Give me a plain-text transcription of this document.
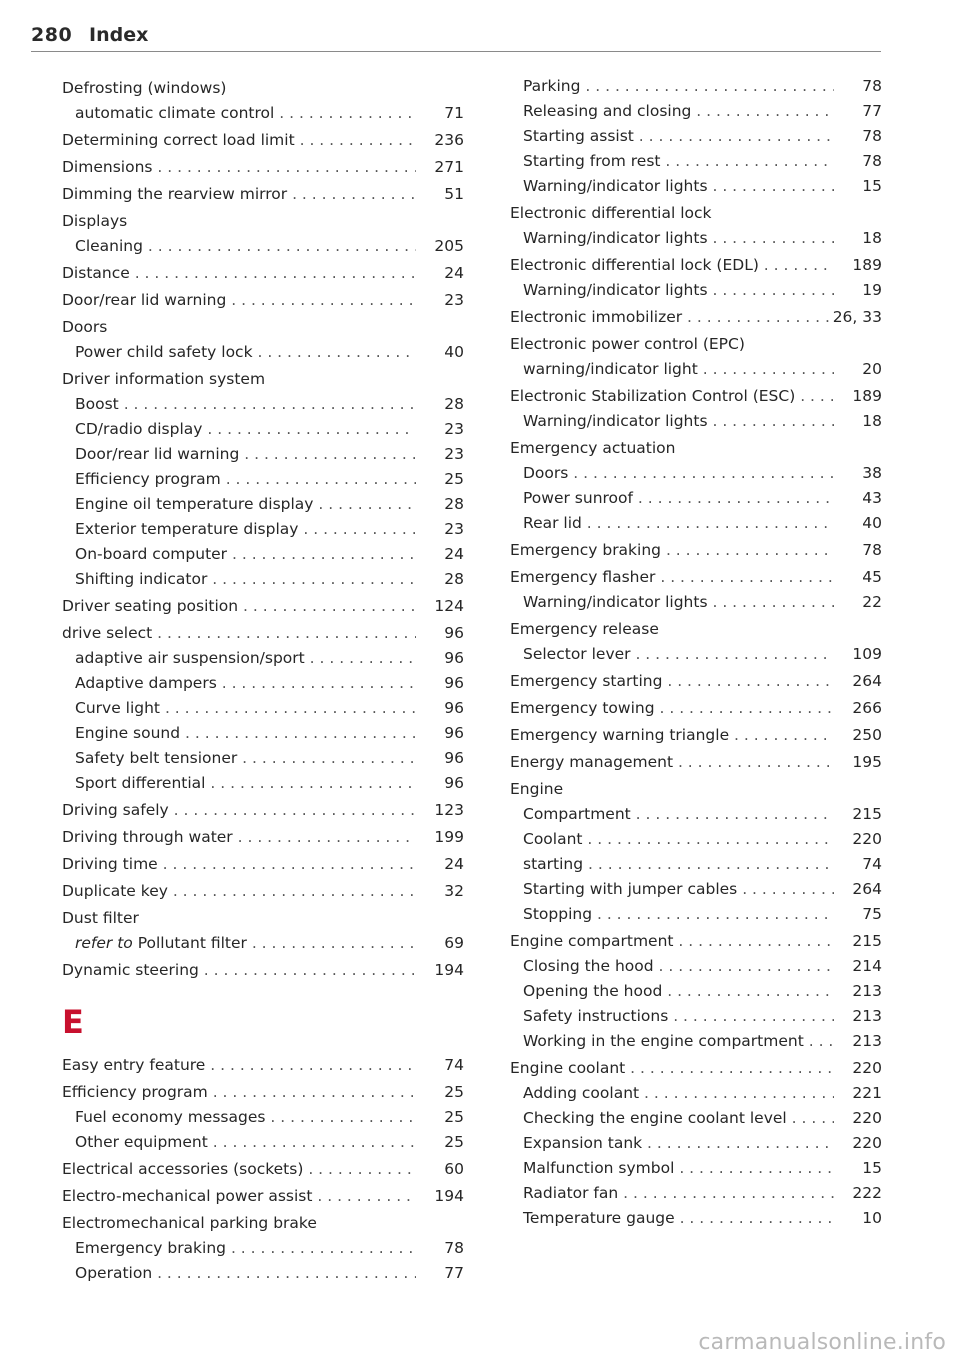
280 Index
Defrosting (windows)
automatic climate control . . .	71
Determining correct load limit . . .	236
Dimensions . . .	271
Dimming the rearview mirror . . .	51
Displays
Cleaning . . .	205
Distance . . .	24
Door/rear lid warning . . .	23
Doors
Power child safety lock . . .	40
Driver information system
Boost . . .	28
CD/radio display . . .	23
Door/rear lid warning . . .	23
Efficiency program . . .	25
Engine oil temperature display . . .	28
Exterior temperature display . . .	23
On-board computer . . .	24
Shifting indicator . . .	28
Driver seating position . . .	124
drive select . . .	96
adaptive air suspension/sport . . .	96
Adaptive dampers . . .	96
Curve light . . .	96
Engine sound . . .	96
Safety belt tensioner . . .	96
Sport differential . . .	96
Driving safely . . .	123
Driving through water . . .	199
Driving time . . .	24
Duplicate key . . .	32
Dust filter
refer to Pollutant filter . . .	69
Dynamic steering . . .	194
E
Easy entry feature . . .	74
Efficiency program . . .	25
Fuel economy messages . . .	25
Other equipment . . .	25
Electrical accessories (sockets) . . .	60
Electro-mechanical power assist . . .	194
Electromechanical parking brake
Emergency braking . . .	78
Operation . . .	77
Parking . . .	78
Releasing and closing . . .	77
Starting assist . . .	78
Starting from rest . . .	78
Warning/indicator lights . . .	15
Electronic differential lock
Warning/indicator lights . . .	18
Electronic differential lock (EDL) . . .	189
Warning/indicator lights . . .	19
Electronic immobilizer . . .	26, 33
Electronic power control (EPC)
warning/indicator light . . .	20
Electronic Stabilization Control (ESC) . . .	189
Warning/indicator lights . . .	18
Emergency actuation
Doors . . .	38
Power sunroof . . .	43
Rear lid . . .	40
Emergency braking . . .	78
Emergency flasher . . .	45
Warning/indicator lights . . .	22
Emergency release
Selector lever . . .	109
Emergency starting . . .	264
Emergency towing . . .	266
Emergency warning triangle . . .	250
Energy management . . .	195
Engine
Compartment . . .	215
Coolant . . .	220
starting . . .	74
Starting with jumper cables . . .	264
Stopping . . .	75
Engine compartment . . .	215
Closing the hood . . .	214
Opening the hood . . .	213
Safety instructions . . .	213
Working in the engine compartment . . .	213
Engine coolant . . .	220
Adding coolant . . .	221
Checking the engine coolant level . . .	220
Expansion tank . . .	220
Malfunction symbol . . .	15
Radiator fan . . .	222
Temperature gauge . . .	10
carmanualsonline.info
